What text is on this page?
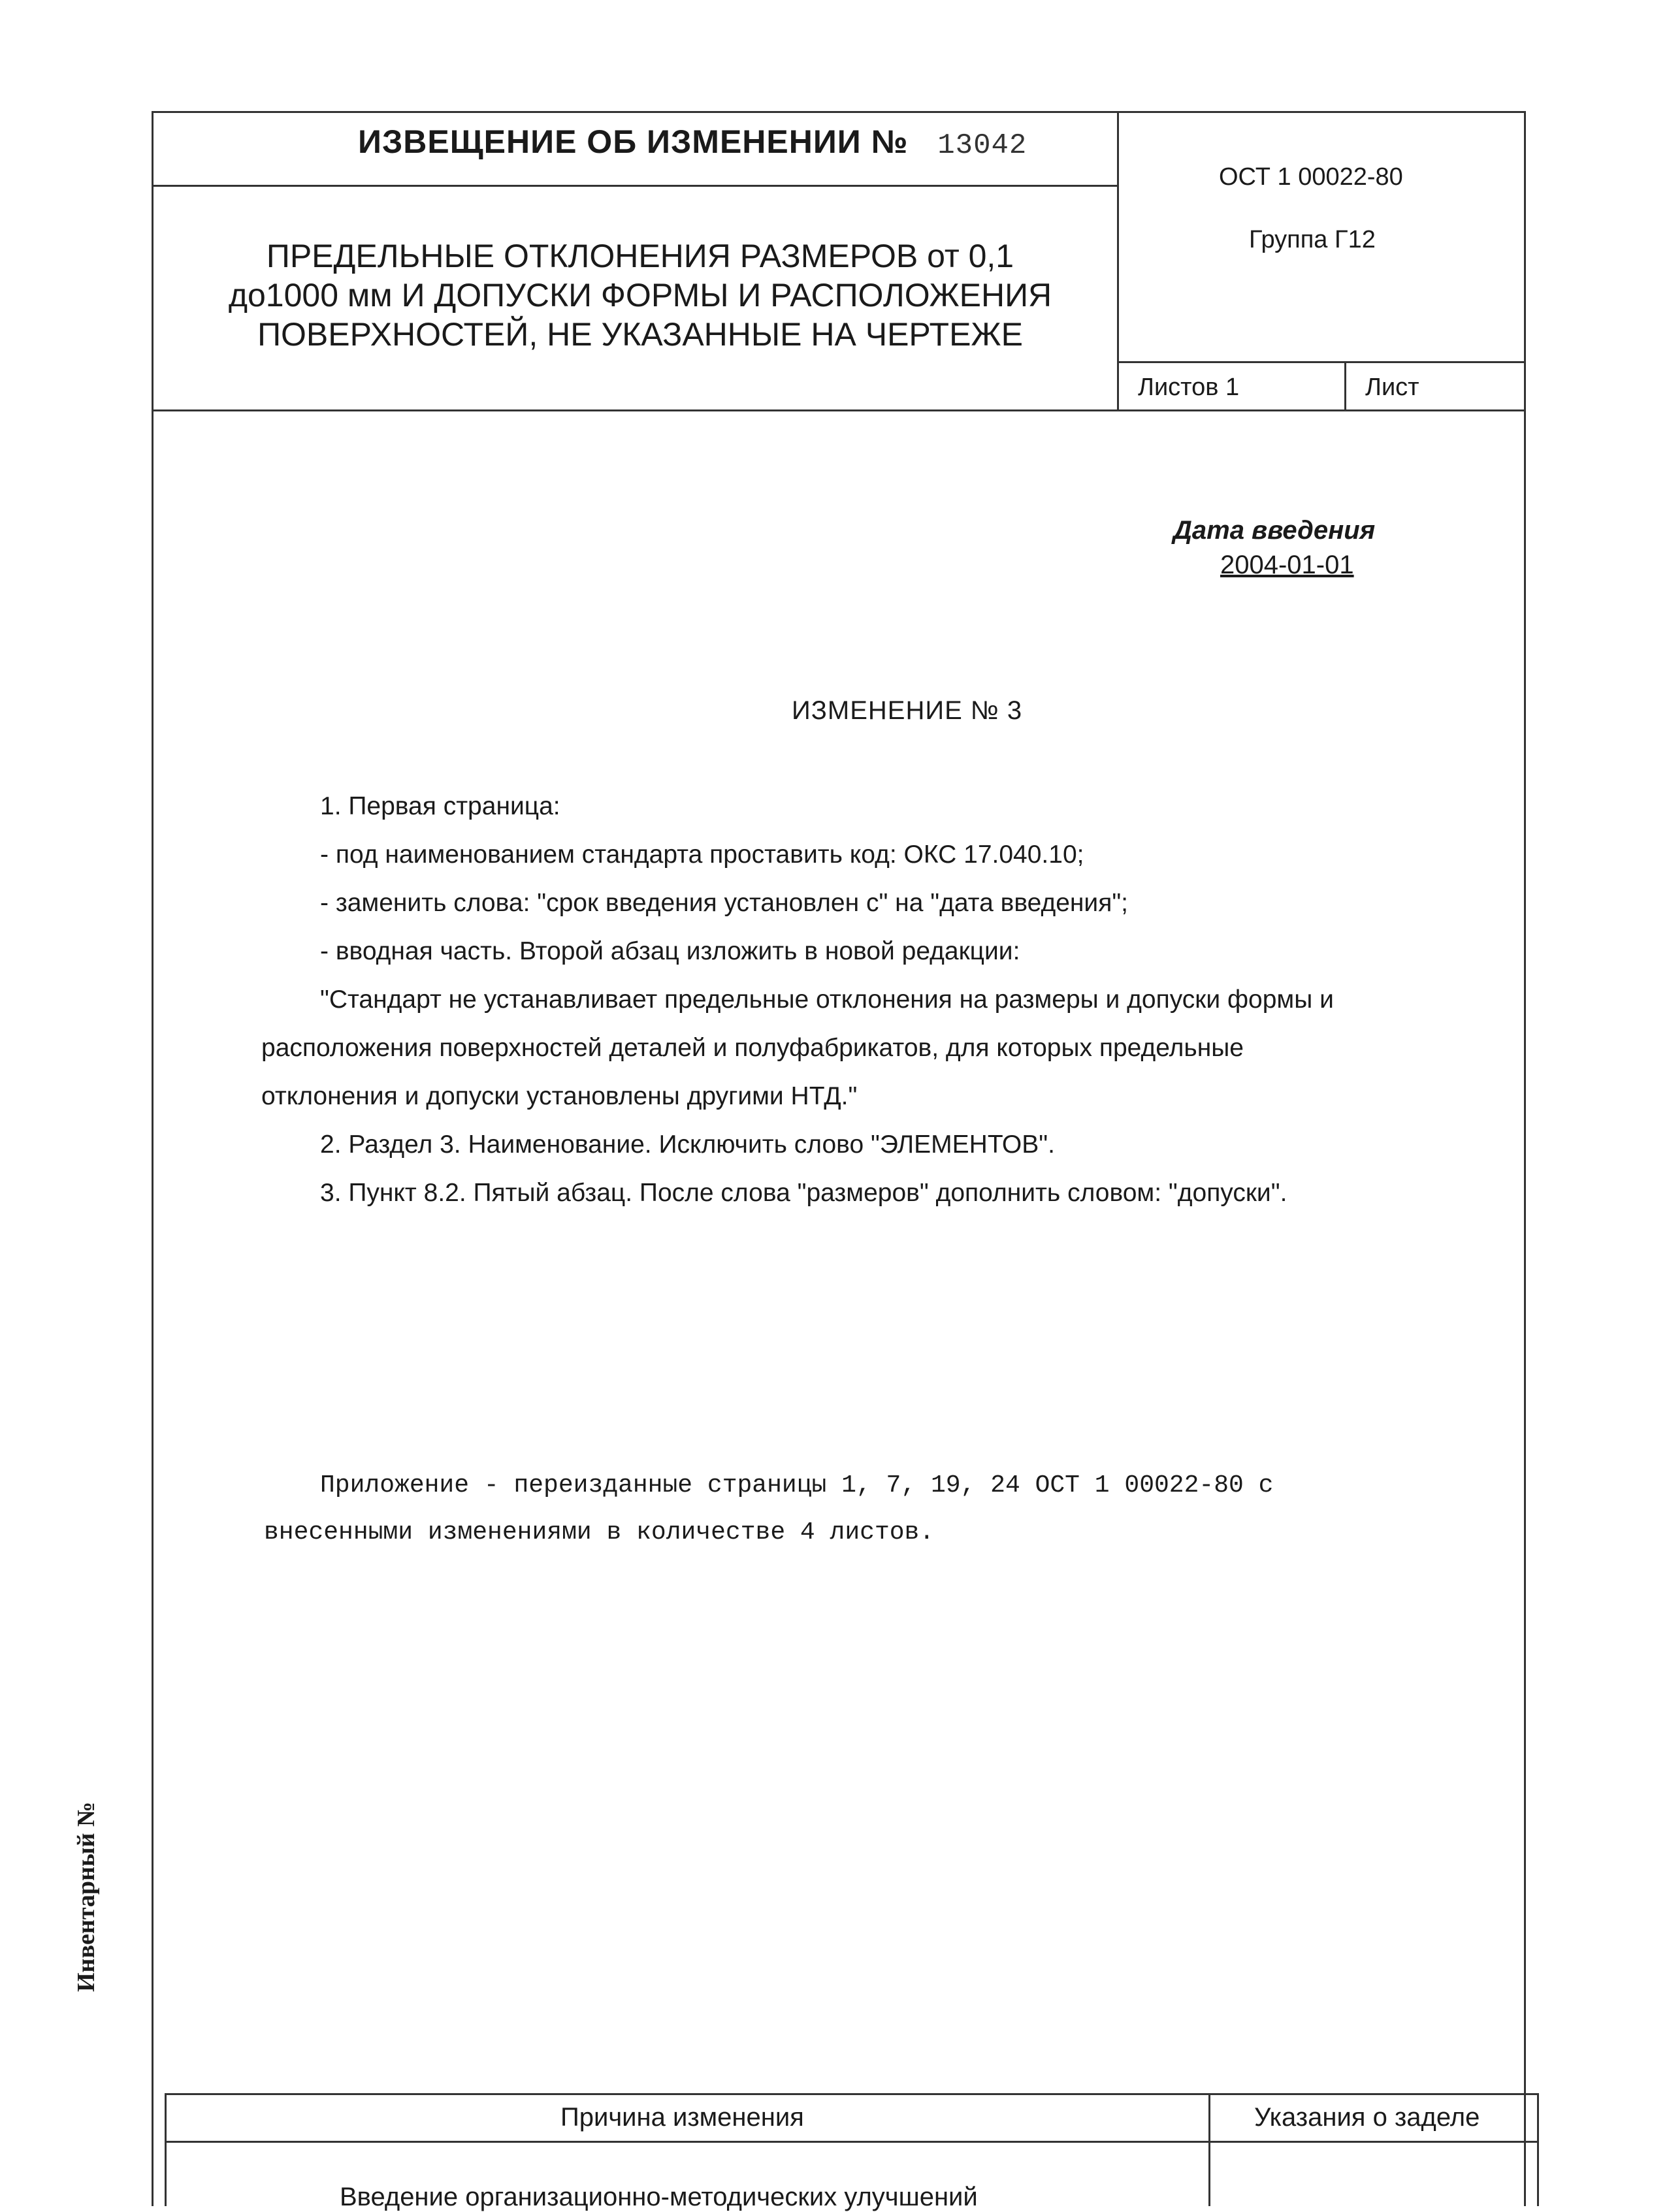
ИЗВЕЩЕНИЕ ОБ ИЗМЕНЕНИИ № 13042
ОСТ 1 00022-80
Группа Г12
ПРЕДЕЛЬНЫЕ ОТКЛОНЕНИЯ РАЗМЕРОВ от 0,1
до1000 мм И ДОПУСКИ ФОРМЫ И РАСПОЛОЖЕНИЯ
ПОВЕРХНОСТЕЙ, НЕ УКАЗАННЫЕ НА ЧЕРТЕЖЕ
Листов 1	Лист
Дата введения
2004-01-01
ИЗМЕНЕНИЕ № 3
1. Первая страница:
- под наименованием стандарта проставить код: ОКС 17.040.10;
- заменить слова: "срок введения установлен с" на "дата введения";
- вводная часть. Второй абзац изложить в новой редакции:
"Стандарт не устанавливает предельные отклонения на размеры и допуски формы и
расположения поверхностей деталей и полуфабрикатов, для которых предельные
отклонения и допуски установлены другими НТД."
2. Раздел 3. Наименование. Исключить слово "ЭЛЕМЕНТОВ".
3. Пункт 8.2. Пятый абзац. После слова "размеров" дополнить словом: "допуски".
Приложение - переизданные страницы 1, 7, 19, 24 ОСТ 1 00022-80 с
внесенными изменениями в количестве 4 листов.
Инвентарный №
Причина изменения	Указания о заделе
Введение организационно-методических улучшений
